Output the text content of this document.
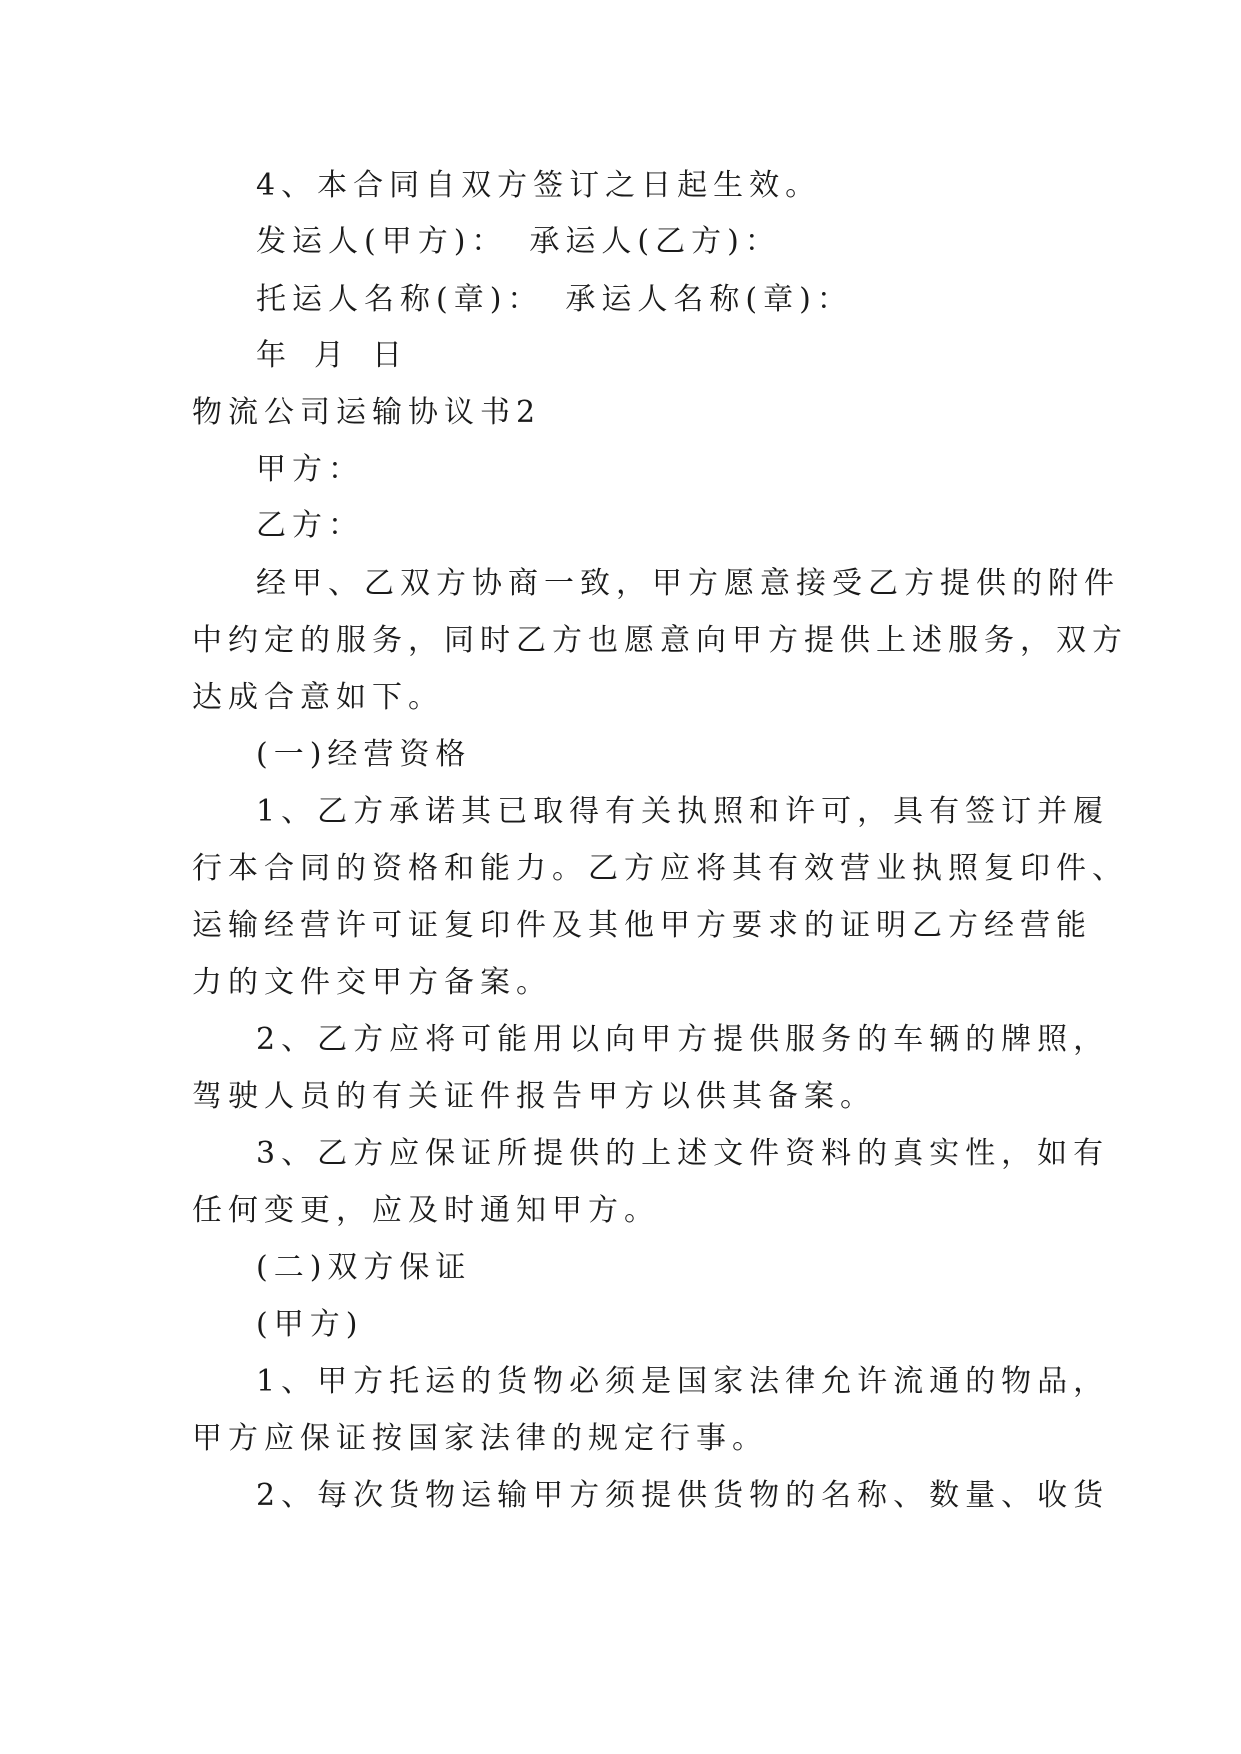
4、本合同自双方签订之日起生效。
发运人(甲方)： 承运人(乙方)：
托运人名称(章)： 承运人名称(章)：
年 月 日
物流公司运输协议书2
甲方：
乙方：
经甲、乙双方协商一致，甲方愿意接受乙方提供的附件
中约定的服务，同时乙方也愿意向甲方提供上述服务，双方
达成合意如下。
(一)经营资格
1、乙方承诺其已取得有关执照和许可，具有签订并履
行本合同的资格和能力。乙方应将其有效营业执照复印件、
运输经营许可证复印件及其他甲方要求的证明乙方经营能
力的文件交甲方备案。
2、乙方应将可能用以向甲方提供服务的车辆的牌照，
驾驶人员的有关证件报告甲方以供其备案。
3、乙方应保证所提供的上述文件资料的真实性，如有
任何变更，应及时通知甲方。
(二)双方保证
(甲方)
1、甲方托运的货物必须是国家法律允许流通的物品，
甲方应保证按国家法律的规定行事。
2、每次货物运输甲方须提供货物的名称、数量、收货
